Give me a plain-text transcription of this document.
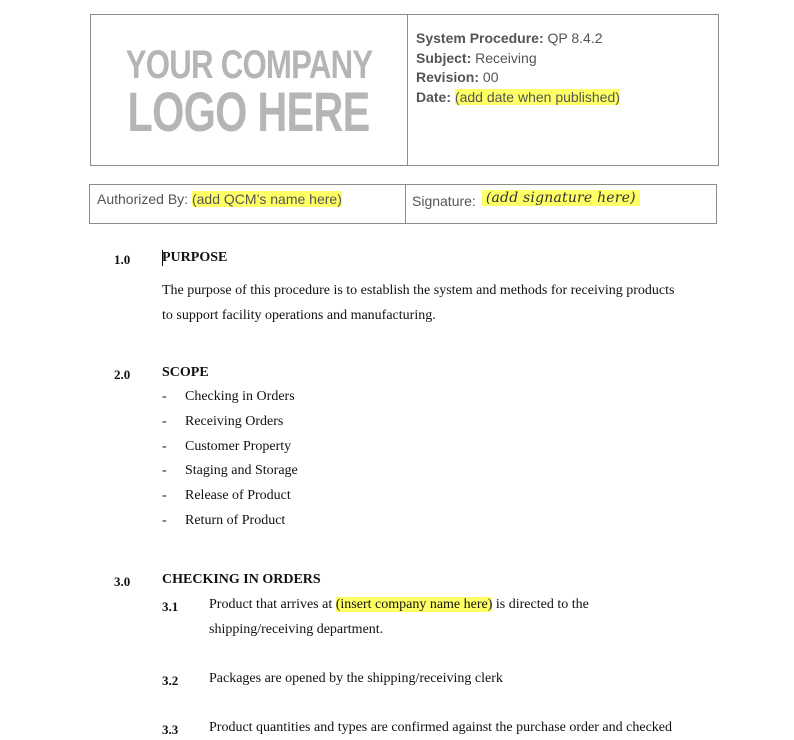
YOUR COMPANY
LOGO HERE
System Procedure: QP 8.4.2
Subject: Receiving
Revision: 00
Date: (add date when published)
Authorized By: (add QCM’s name here)	Signature: (add signature here)
1.0 PURPOSE
The purpose of this procedure is to establish the system and methods for receiving products
to support facility operations and manufacturing.
2.0 SCOPE
-	Checking in Orders
-	Receiving Orders
-	Customer Property
-	Staging and Storage
-	Release of Product
-	Return of Product
3.0 CHECKING IN ORDERS
3.1 Product that arrives at (insert company name here) is directed to the
shipping/receiving department.
3.2 Packages are opened by the shipping/receiving clerk
3.3 Product quantities and types are confirmed against the purchase order and checked
